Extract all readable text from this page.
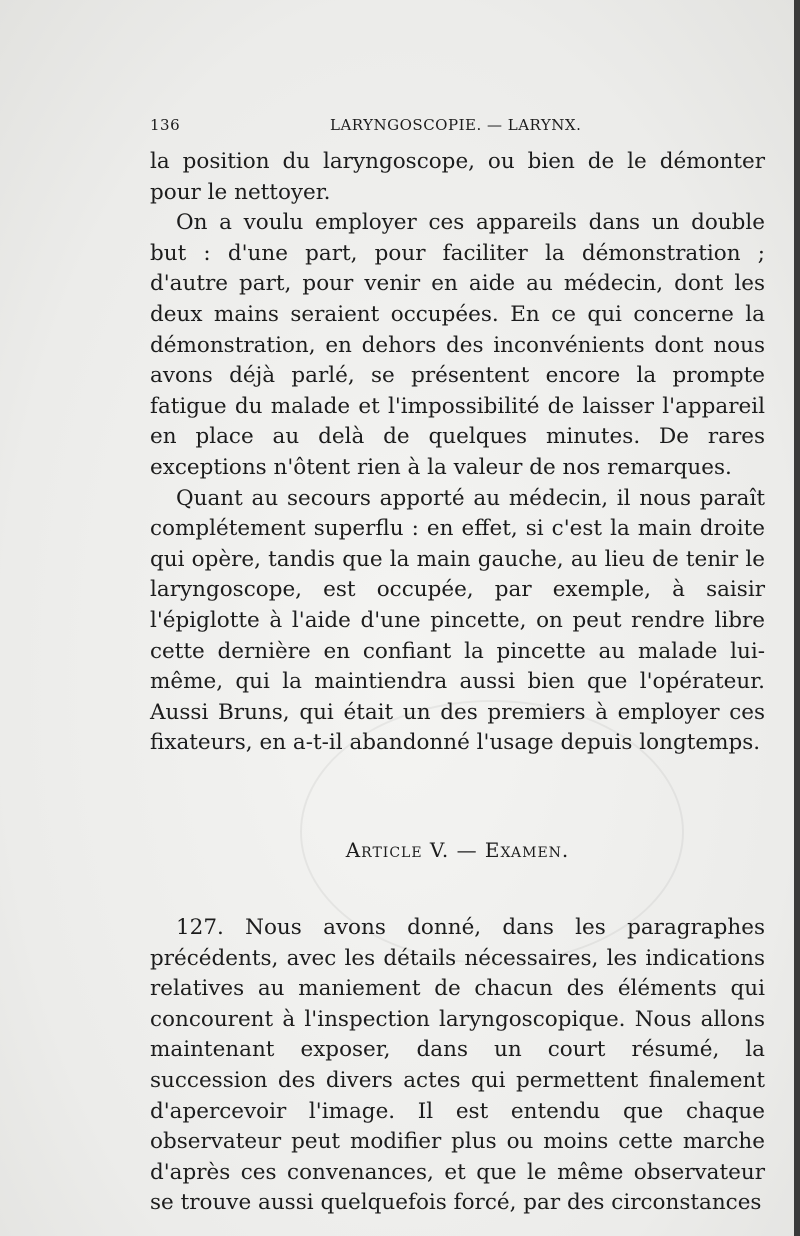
136	LARYNGOSCOPIE. — LARYNX.

la position du laryngoscope, ou bien de le démonter pour le nettoyer.

On a voulu employer ces appareils dans un double but : d'une part, pour faciliter la démonstration ; d'autre part, pour venir en aide au médecin, dont les deux mains seraient occupées. En ce qui concerne la démonstration, en dehors des inconvénients dont nous avons déjà parlé, se présentent encore la prompte fatigue du malade et l'impossibilité de laisser l'appareil en place au delà de quelques minutes. De rares exceptions n'ôtent rien à la valeur de nos remarques.

Quant au secours apporté au médecin, il nous paraît complétement superflu : en effet, si c'est la main droite qui opère, tandis que la main gauche, au lieu de tenir le laryngoscope, est occupée, par exemple, à saisir l'épiglotte à l'aide d'une pincette, on peut rendre libre cette dernière en confiant la pincette au malade lui-même, qui la maintiendra aussi bien que l'opérateur. Aussi Bruns, qui était un des premiers à employer ces fixateurs, en a-t-il abandonné l'usage depuis longtemps.

Article V. — Examen.

127. Nous avons donné, dans les paragraphes précédents, avec les détails nécessaires, les indications relatives au maniement de chacun des éléments qui concourent à l'inspection laryngoscopique. Nous allons maintenant exposer, dans un court résumé, la succession des divers actes qui permettent finalement d'apercevoir l'image. Il est entendu que chaque observateur peut modifier plus ou moins cette marche d'après ces convenances, et que le même observateur se trouve aussi quelquefois forcé, par des circonstances
